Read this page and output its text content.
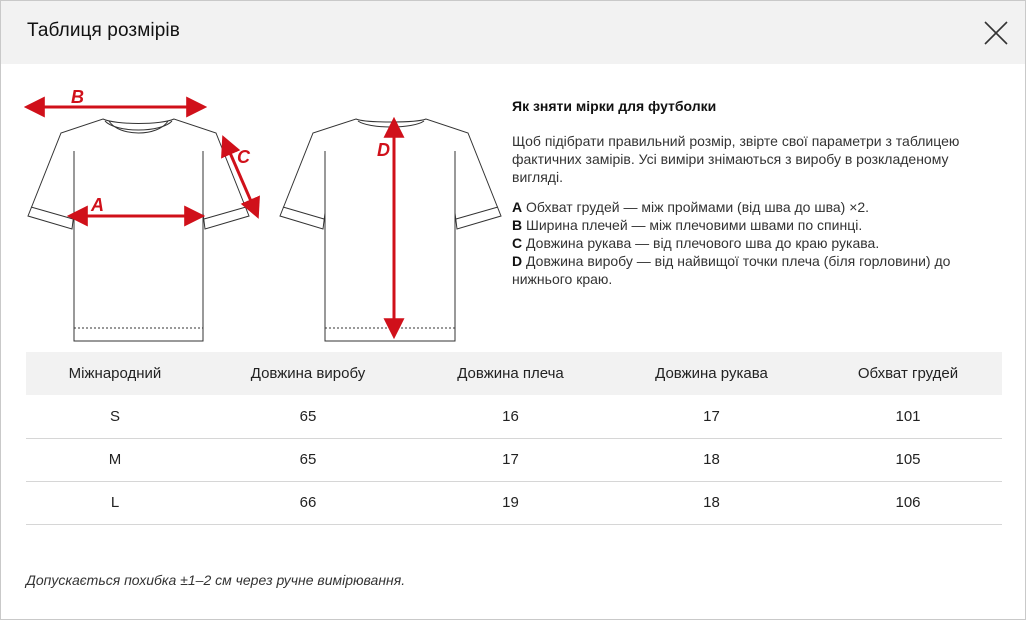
Таблиця розмірів
B
A
C	D
Як зняти мірки для футболки
Щоб підібрати правильний розмір, звірте свої параметри з таблицею фактичних замірів. Усі виміри знімаються з виробу в розкладеному вигляді.
A Обхват грудей — між проймами (від шва до шва) ×2.
B Ширина плечей — між плечовими швами по спинці.
C Довжина рукава — від плечового шва до краю рукава.
D Довжина виробу — від найвищої точки плеча (біля горловини) до нижнього краю.
Міжнародний	Довжина виробу	Довжина плеча	Довжина рукава	Обхват грудей
S	65	16	17	101
M	65	17	18	105
L	66	19	18	106
Допускається похибка ±1–2 см через ручне вимірювання.
